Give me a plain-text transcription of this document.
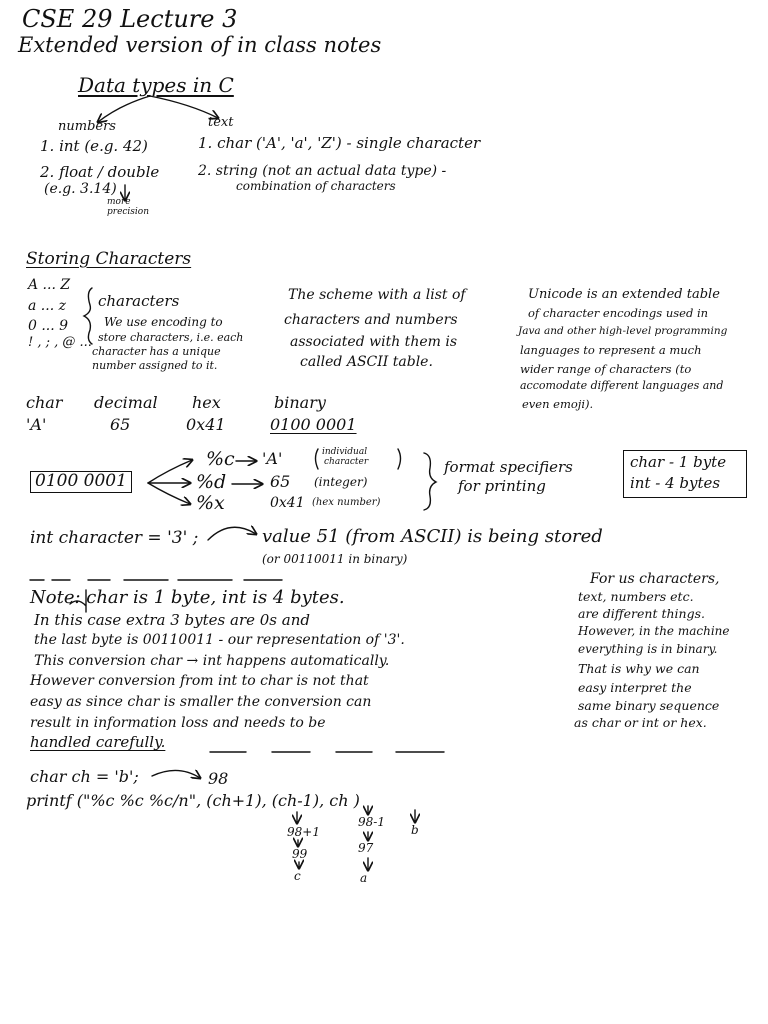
CSE 29 Lecture 3
Extended version of in class notes
Data types in C
numbers	text
1. int (e.g. 42)
2. float / double
(e.g. 3.14)
more
precision
1. char ('A', 'a', 'Z') - single character
2. string (not an actual data type) -
combination of characters
Storing Characters
A ... Z
a ... z
0 ... 9
! , ; , @ ...
characters
We use encoding to
store characters, i.e. each
character has a unique
number assigned to it.
The scheme with a list of
characters and numbers
associated with them is
called ASCII table.
Unicode is an extended table
of character encodings used in
Java and other high-level programming
languages to represent a much
wider range of characters (to
accomodate different languages and
even emoji).
char decimal hex	binary
'A'	65	0x41	0100 0001
0100 0001
%c 'A'	individual
character
%d	65 (integer)
%x	0x41 (hex number)
format specifiers
for printing
char - 1 byte
int - 4 bytes
int character = '3' ;	value 51 (from ASCII) is being stored
(or 00110011 in binary)
Note: char is 1 byte, int is 4 bytes.
In this case extra 3 bytes are 0s and
the last byte is 00110011 - our representation of '3'.
This conversion char → int happens automatically.
However conversion from int to char is not that
easy as since char is smaller the conversion can
result in information loss and needs to be
handled carefully.
For us characters,
text, numbers etc.
are different things.
However, in the machine
everything is in binary.
That is why we can
easy interpret the
same binary sequence
as char or int or hex.
char ch = 'b';	98
printf ("%c %c %c/n", (ch+1), (ch-1), ch )
98+1
99
c
98-1
97
a
b
